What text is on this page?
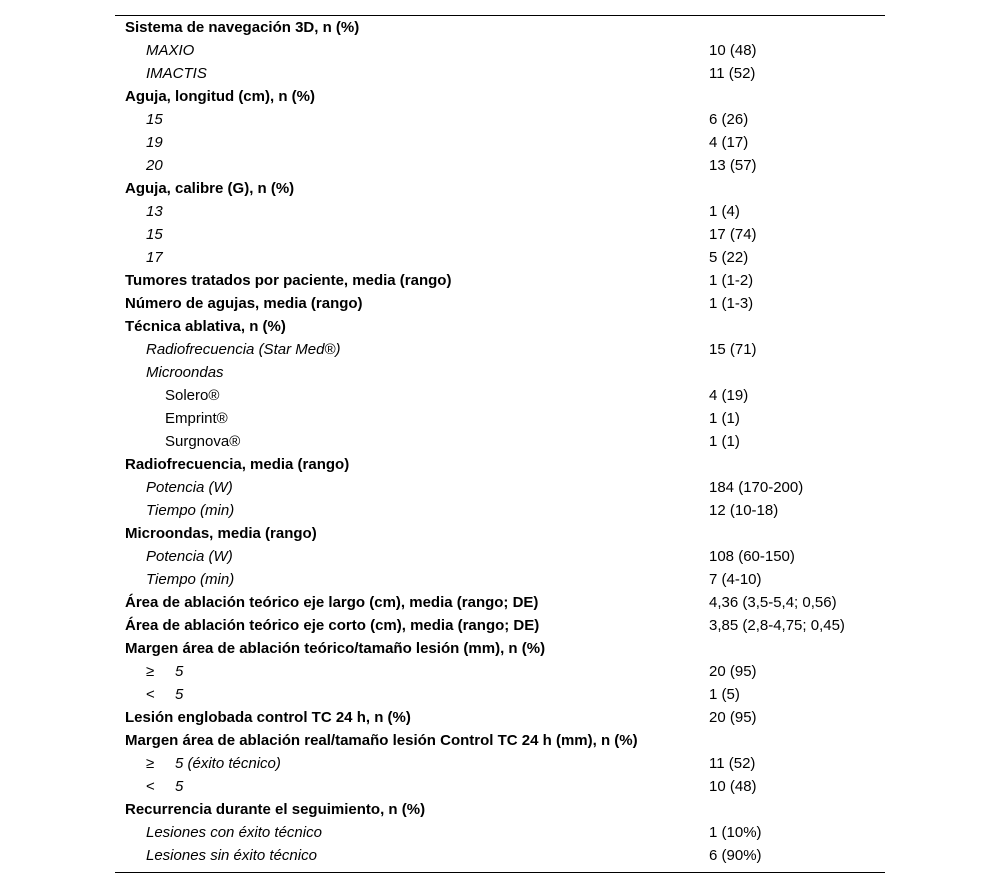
Sistema de navegación 3D, n (%)
MAXIO	10 (48)
IMACTIS	11 (52)
Aguja, longitud (cm), n (%)
15	6 (26)
19	4 (17)
20	13 (57)
Aguja, calibre (G), n (%)
13	1 (4)
15	17 (74)
17	5 (22)
Tumores tratados por paciente, media (rango)	1 (1-2)
Número de agujas, media (rango)	1 (1-3)
Técnica ablativa, n (%)
Radiofrecuencia (Star Med®)	15 (71)
Microondas
Solero®	4 (19)
Emprint®	1 (1)
Surgnova®	1 (1)
Radiofrecuencia, media (rango)
Potencia (W)	184 (170-200)
Tiempo (min)	12 (10-18)
Microondas, media (rango)
Potencia (W)	108 (60-150)
Tiempo (min)	7 (4-10)
Área de ablación teórico eje largo (cm), media (rango; DE)	4,36 (3,5-5,4; 0,56)
Área de ablación teórico eje corto (cm), media (rango; DE)	3,85 (2,8-4,75; 0,45)
Margen área de ablación teórico/tamaño lesión (mm), n (%)
≥ 5	20 (95)
< 5	1 (5)
Lesión englobada control TC 24 h, n (%)	20 (95)
Margen área de ablación real/tamaño lesión Control TC 24 h (mm), n (%)
≥ 5 (éxito técnico)	11 (52)
< 5	10 (48)
Recurrencia durante el seguimiento, n (%)
Lesiones con éxito técnico	1 (10%)
Lesiones sin éxito técnico	6 (90%)
